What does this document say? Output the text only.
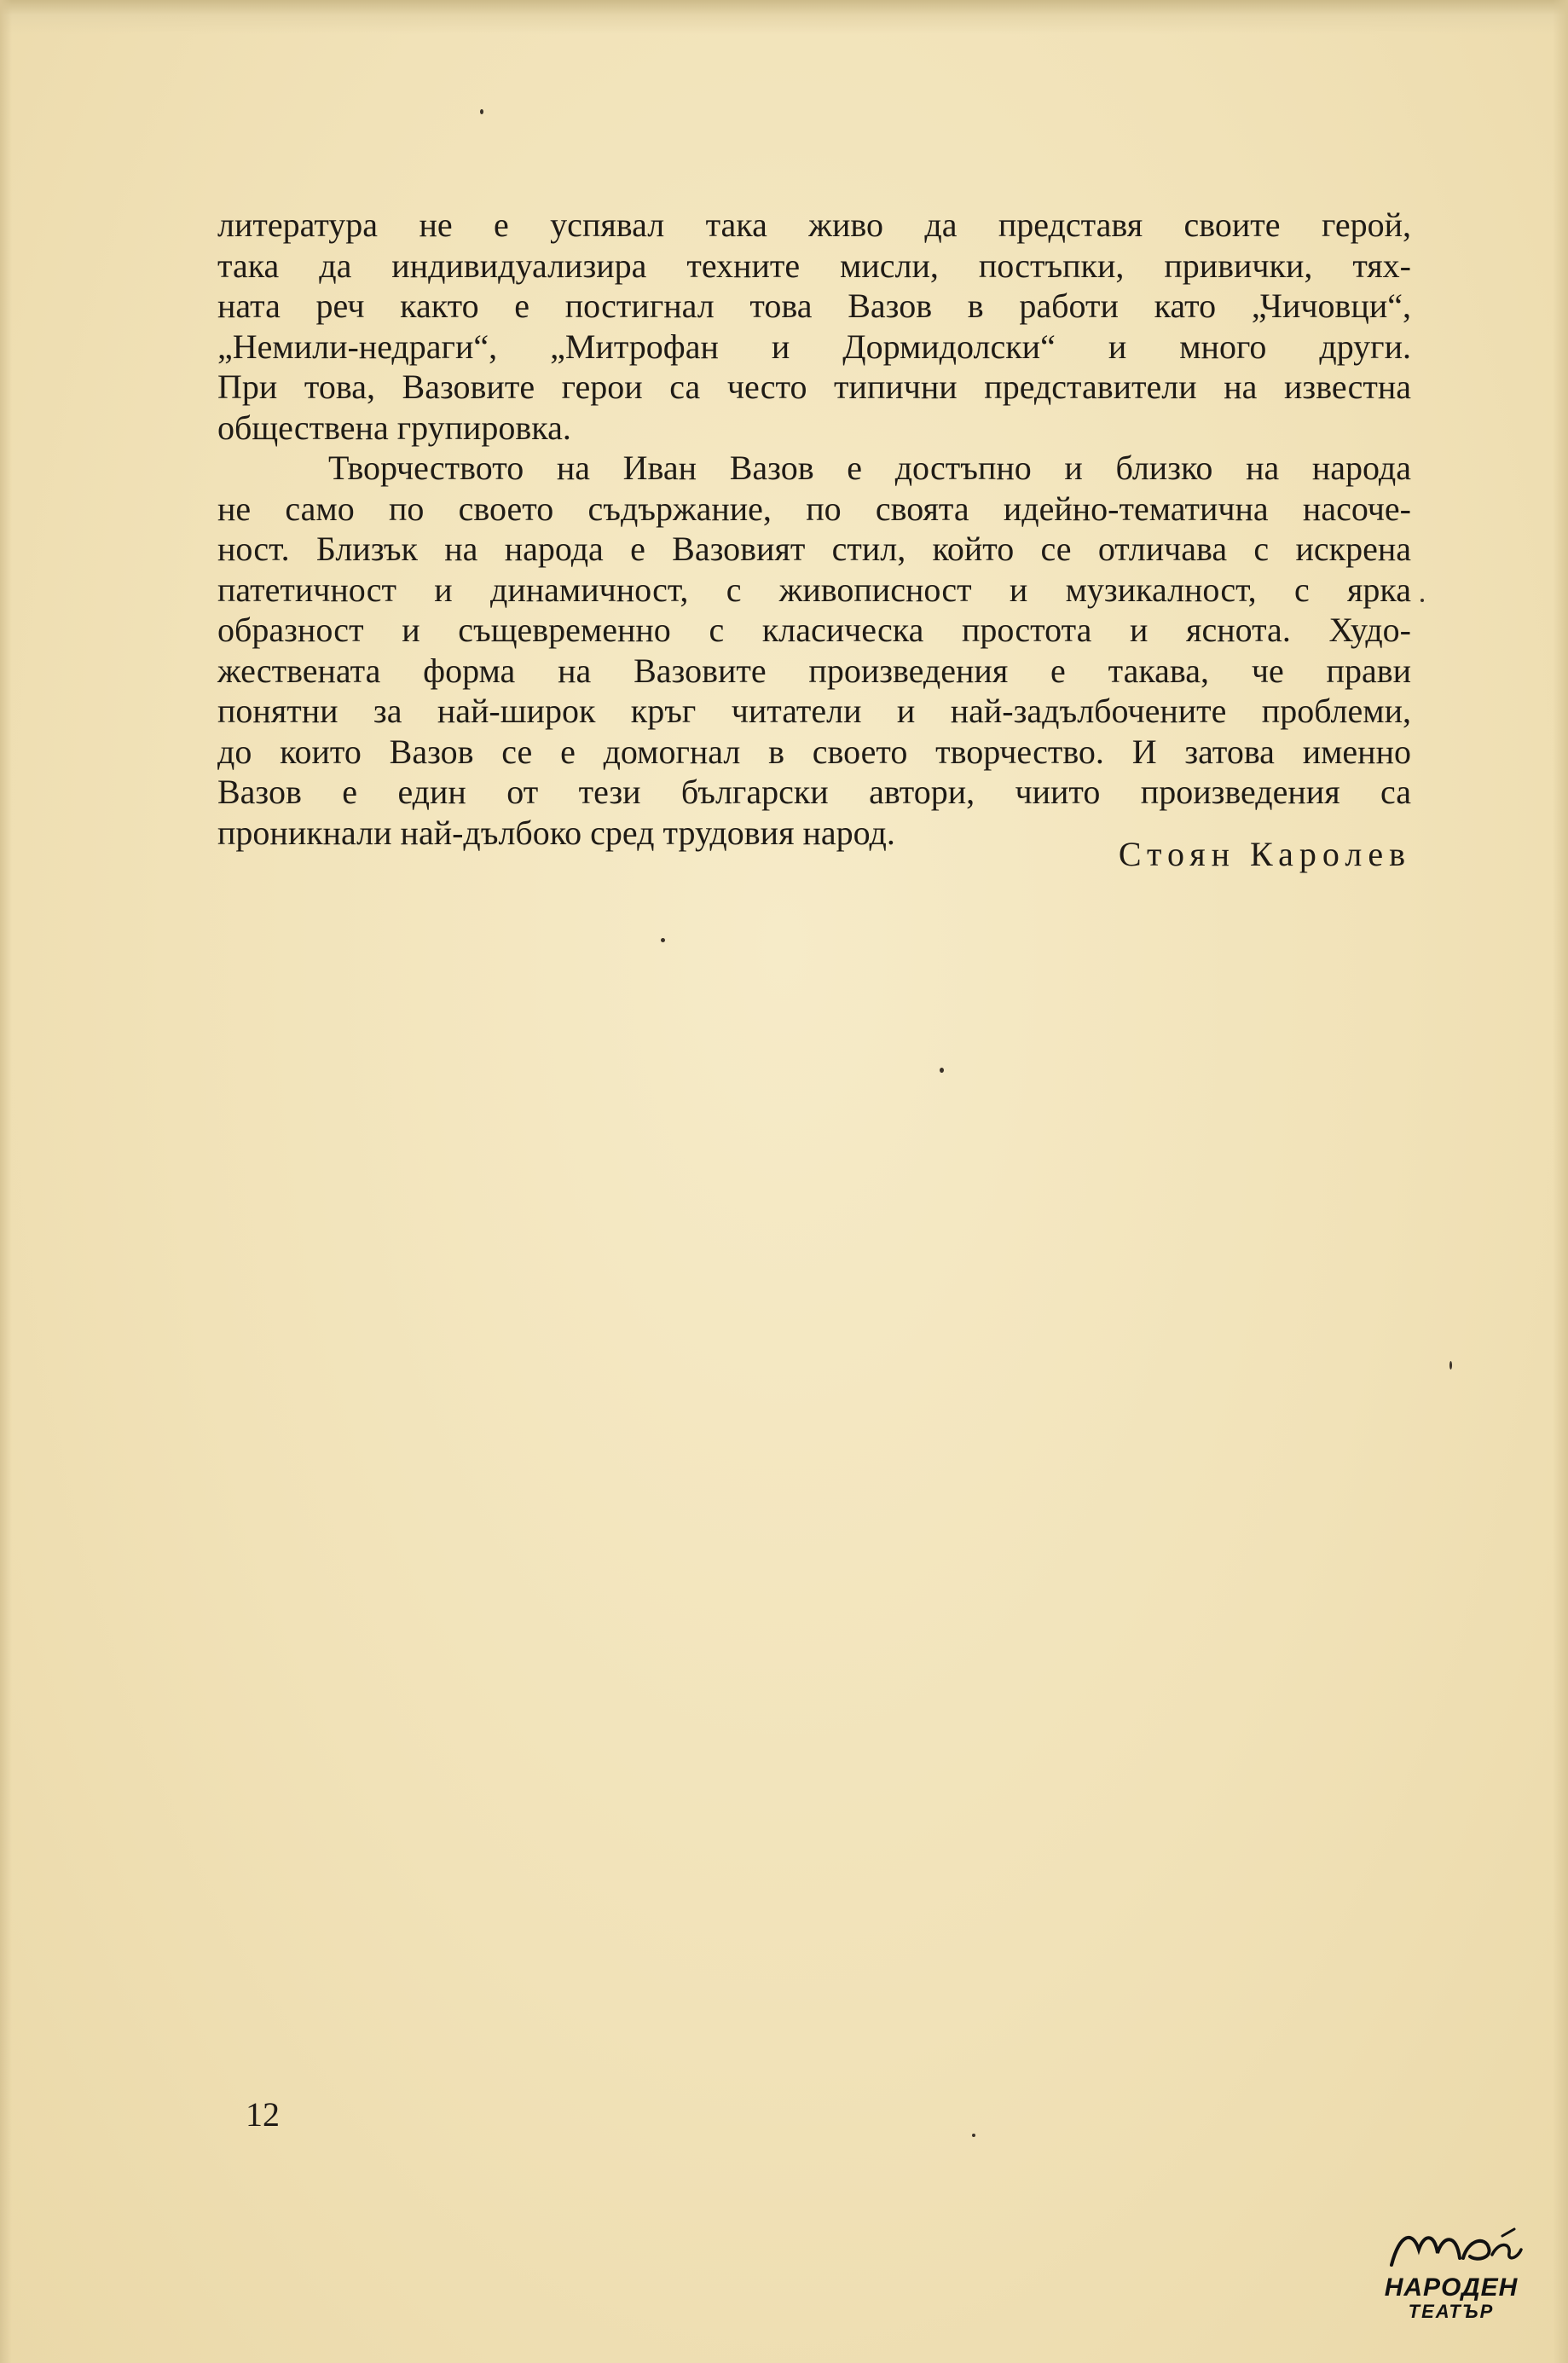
литература не е успявал така живо да представя своите герой,
така да индивидуализира техните мисли, постъпки, привички, тях-
ната реч както е постигнал това Вазов в работи като „Чичовци“,
„Немили-недраги“, „Митрофан и Дормидолски“ и много други.
При това, Вазовите герои са често типични представители на известна
обществена групировка.
Творчеството на Иван Вазов е достъпно и близко на народа
не само по своето съдържание, по своята идейно-тематична насоче-
ност. Близък на народа е Вазовият стил, който се отличава с искрена
патетичност и динамичност, с живописност и музикалност, с ярка
образност и същевременно с класическа простота и яснота. Худо-
жествената форма на Вазовите произведения е такава, че прави
понятни за най-широк кръг читатели и най-задълбочените проблеми,
до които Вазов се е домогнал в своето творчество. И затова именно
Вазов е един от тези български автори, чиито произведения са
проникнали най-дълбоко сред трудовия народ.
Стоян Каролев
12
НАРОДЕН
ТЕАТЪР
